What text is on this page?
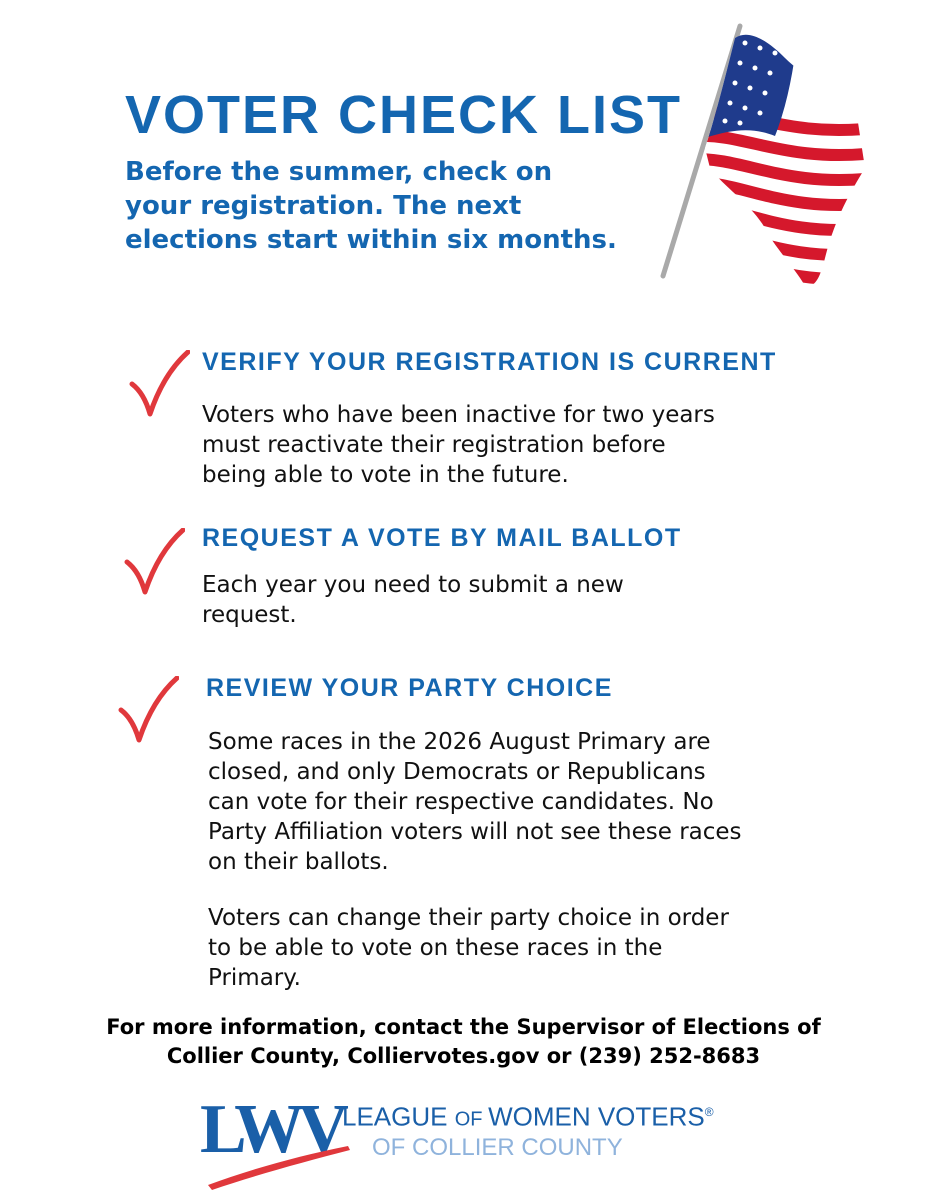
VOTER CHECK LIST
Before the summer, check on your registration. The next elections start within six months.
VERIFY YOUR REGISTRATION IS CURRENT
Voters who have been inactive for two years must reactivate their registration before being able to vote in the future.
REQUEST A VOTE BY MAIL BALLOT
Each year you need to submit a new request.
REVIEW YOUR PARTY CHOICE
Some races in the 2026 August Primary are closed, and only Democrats or Republicans can vote for their respective candidates. No Party Affiliation voters will not see these races on their ballots.
Voters can change their party choice in order to be able to vote on these races in the Primary.
For more information, contact the Supervisor of Elections of
Collier County, Colliervotes.gov or (239) 252-8683
LWV LEAGUE OF WOMEN VOTERS®
OF COLLIER COUNTY
